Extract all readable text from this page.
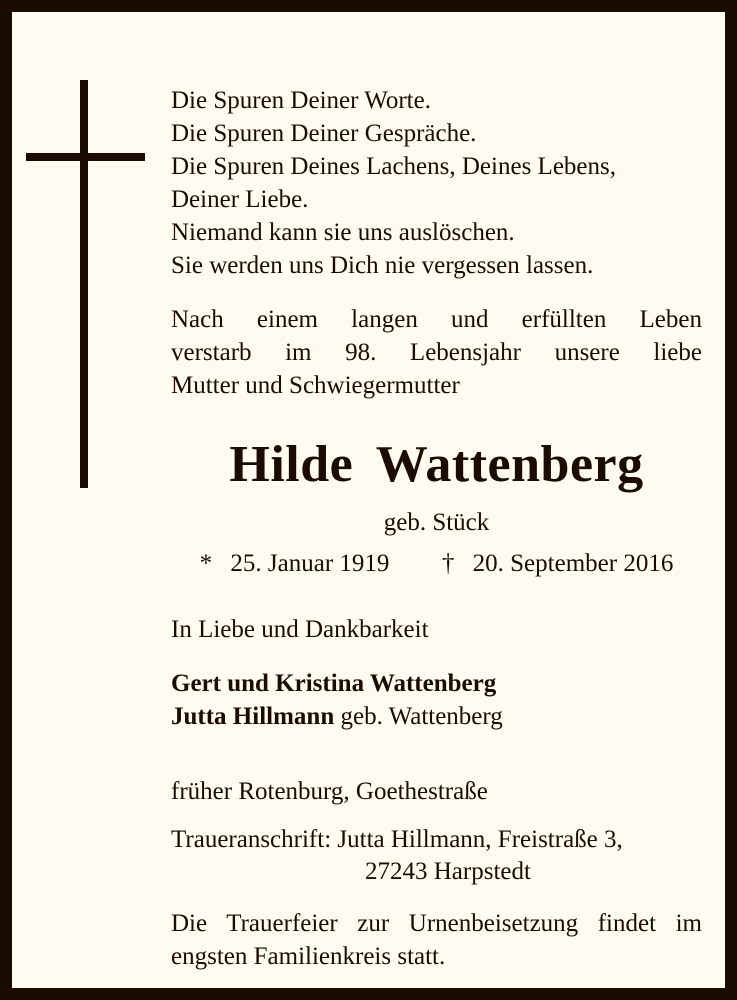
Die Spuren Deiner Worte.
Die Spuren Deiner Gespräche.
Die Spuren Deines Lachens, Deines Lebens,
Deiner Liebe.
Niemand kann sie uns auslöschen.
Sie werden uns Dich nie vergessen lassen.
Nach einem langen und erfüllten Leben
verstarb im 98. Lebensjahr unsere liebe
Mutter und Schwiegermutter
Hilde Wattenberg
geb. Stück
* 25. Januar 1919 † 20. September 2016
In Liebe und Dankbarkeit
Gert und Kristina Wattenberg
Jutta Hillmann geb. Wattenberg
früher Rotenburg, Goethestraße
Traueranschrift: Jutta Hillmann, Freistraße 3,
27243 Harpstedt
Die Trauerfeier zur Urnenbeisetzung findet im
engsten Familienkreis statt.
